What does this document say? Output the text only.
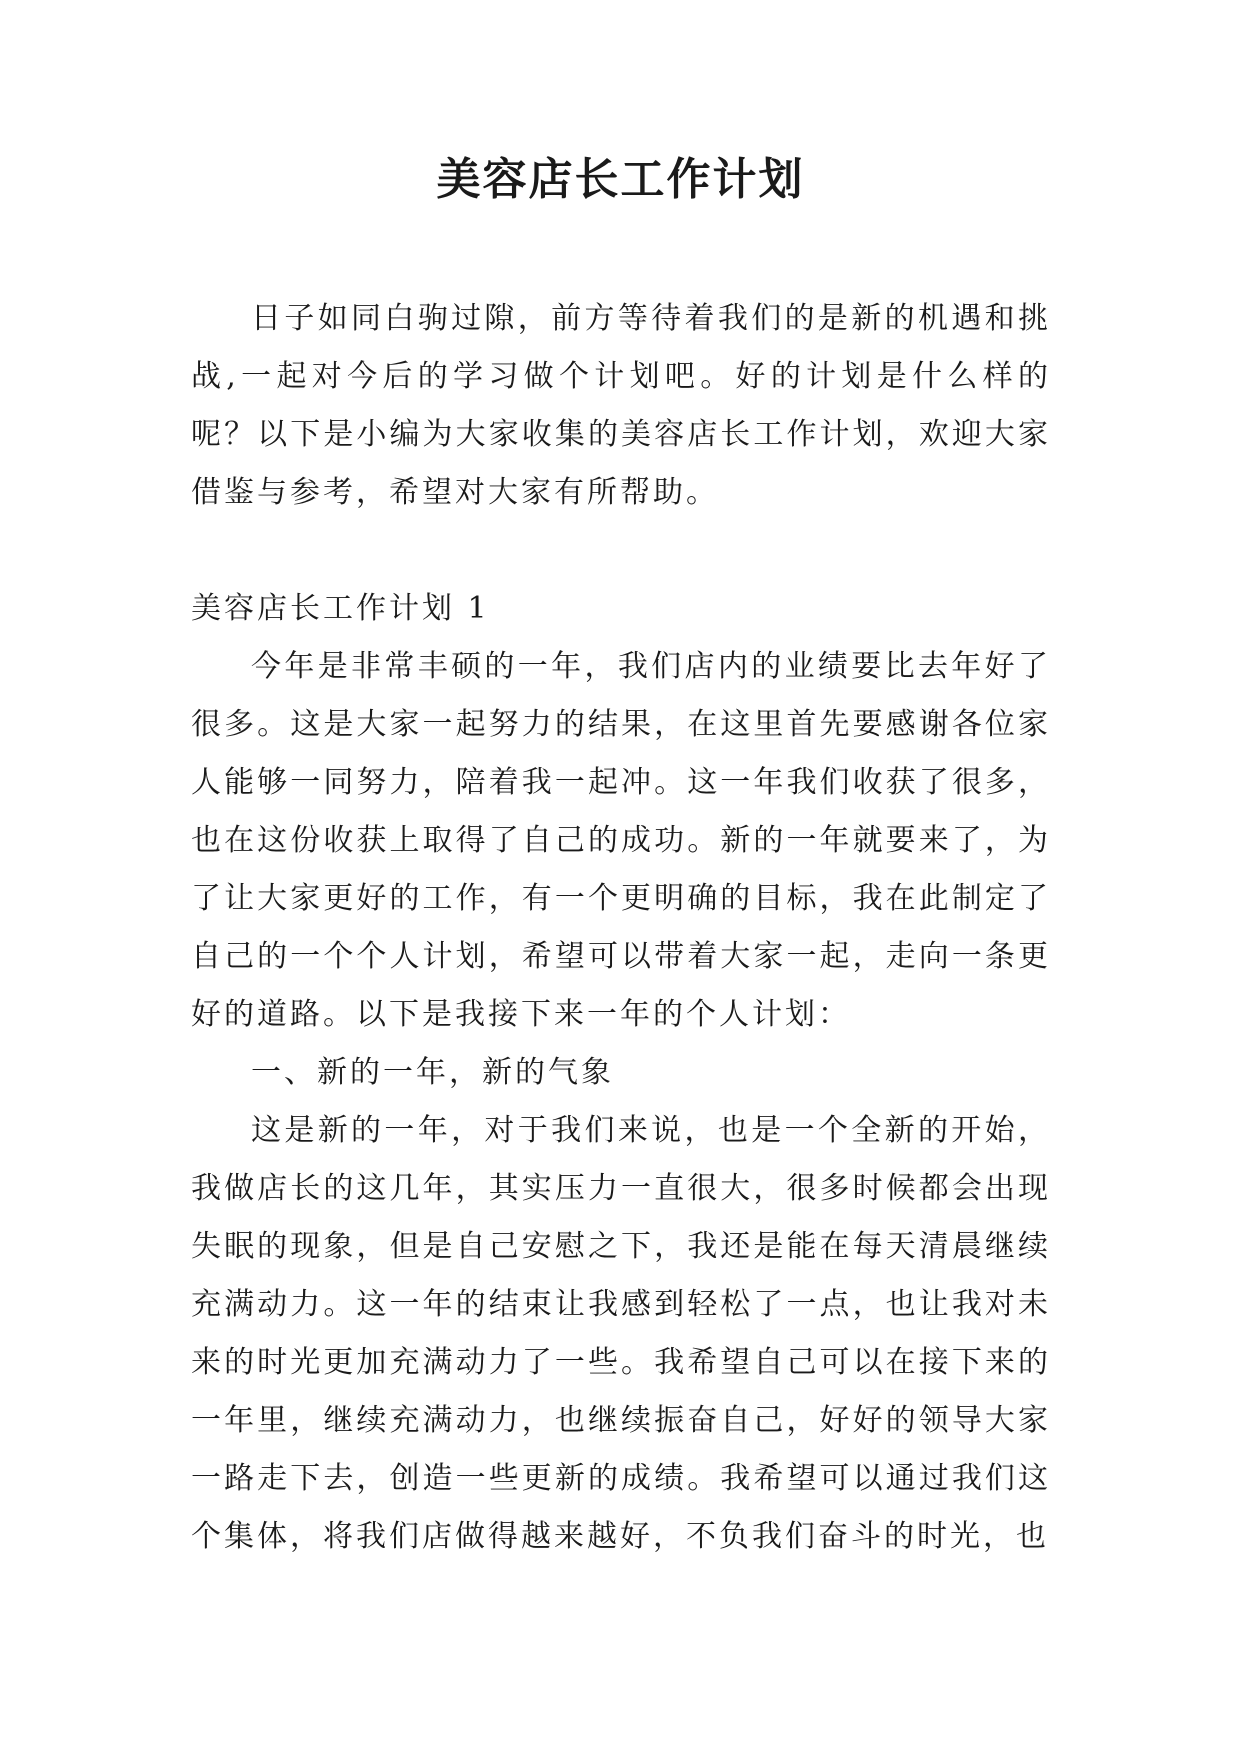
美容店长工作计划

日子如同白驹过隙，前方等待着我们的是新的机遇和挑战,一起对今后的学习做个计划吧。好的计划是什么样的呢？以下是小编为大家收集的美容店长工作计划，欢迎大家借鉴与参考，希望对大家有所帮助。

美容店长工作计划 1

今年是非常丰硕的一年，我们店内的业绩要比去年好了很多。这是大家一起努力的结果，在这里首先要感谢各位家人能够一同努力，陪着我一起冲。这一年我们收获了很多，也在这份收获上取得了自己的成功。新的一年就要来了，为了让大家更好的工作，有一个更明确的目标，我在此制定了自己的一个个人计划，希望可以带着大家一起，走向一条更好的道路。以下是我接下来一年的个人计划：

一、新的一年，新的气象

这是新的一年，对于我们来说，也是一个全新的开始，我做店长的这几年，其实压力一直很大，很多时候都会出现失眠的现象，但是自己安慰之下，我还是能在每天清晨继续充满动力。这一年的结束让我感到轻松了一点，也让我对未来的时光更加充满动力了一些。我希望自己可以在接下来的一年里，继续充满动力，也继续振奋自己，好好的领导大家一路走下去，创造一些更新的成绩。我希望可以通过我们这个集体，将我们店做得越来越好，不负我们奋斗的时光，也
